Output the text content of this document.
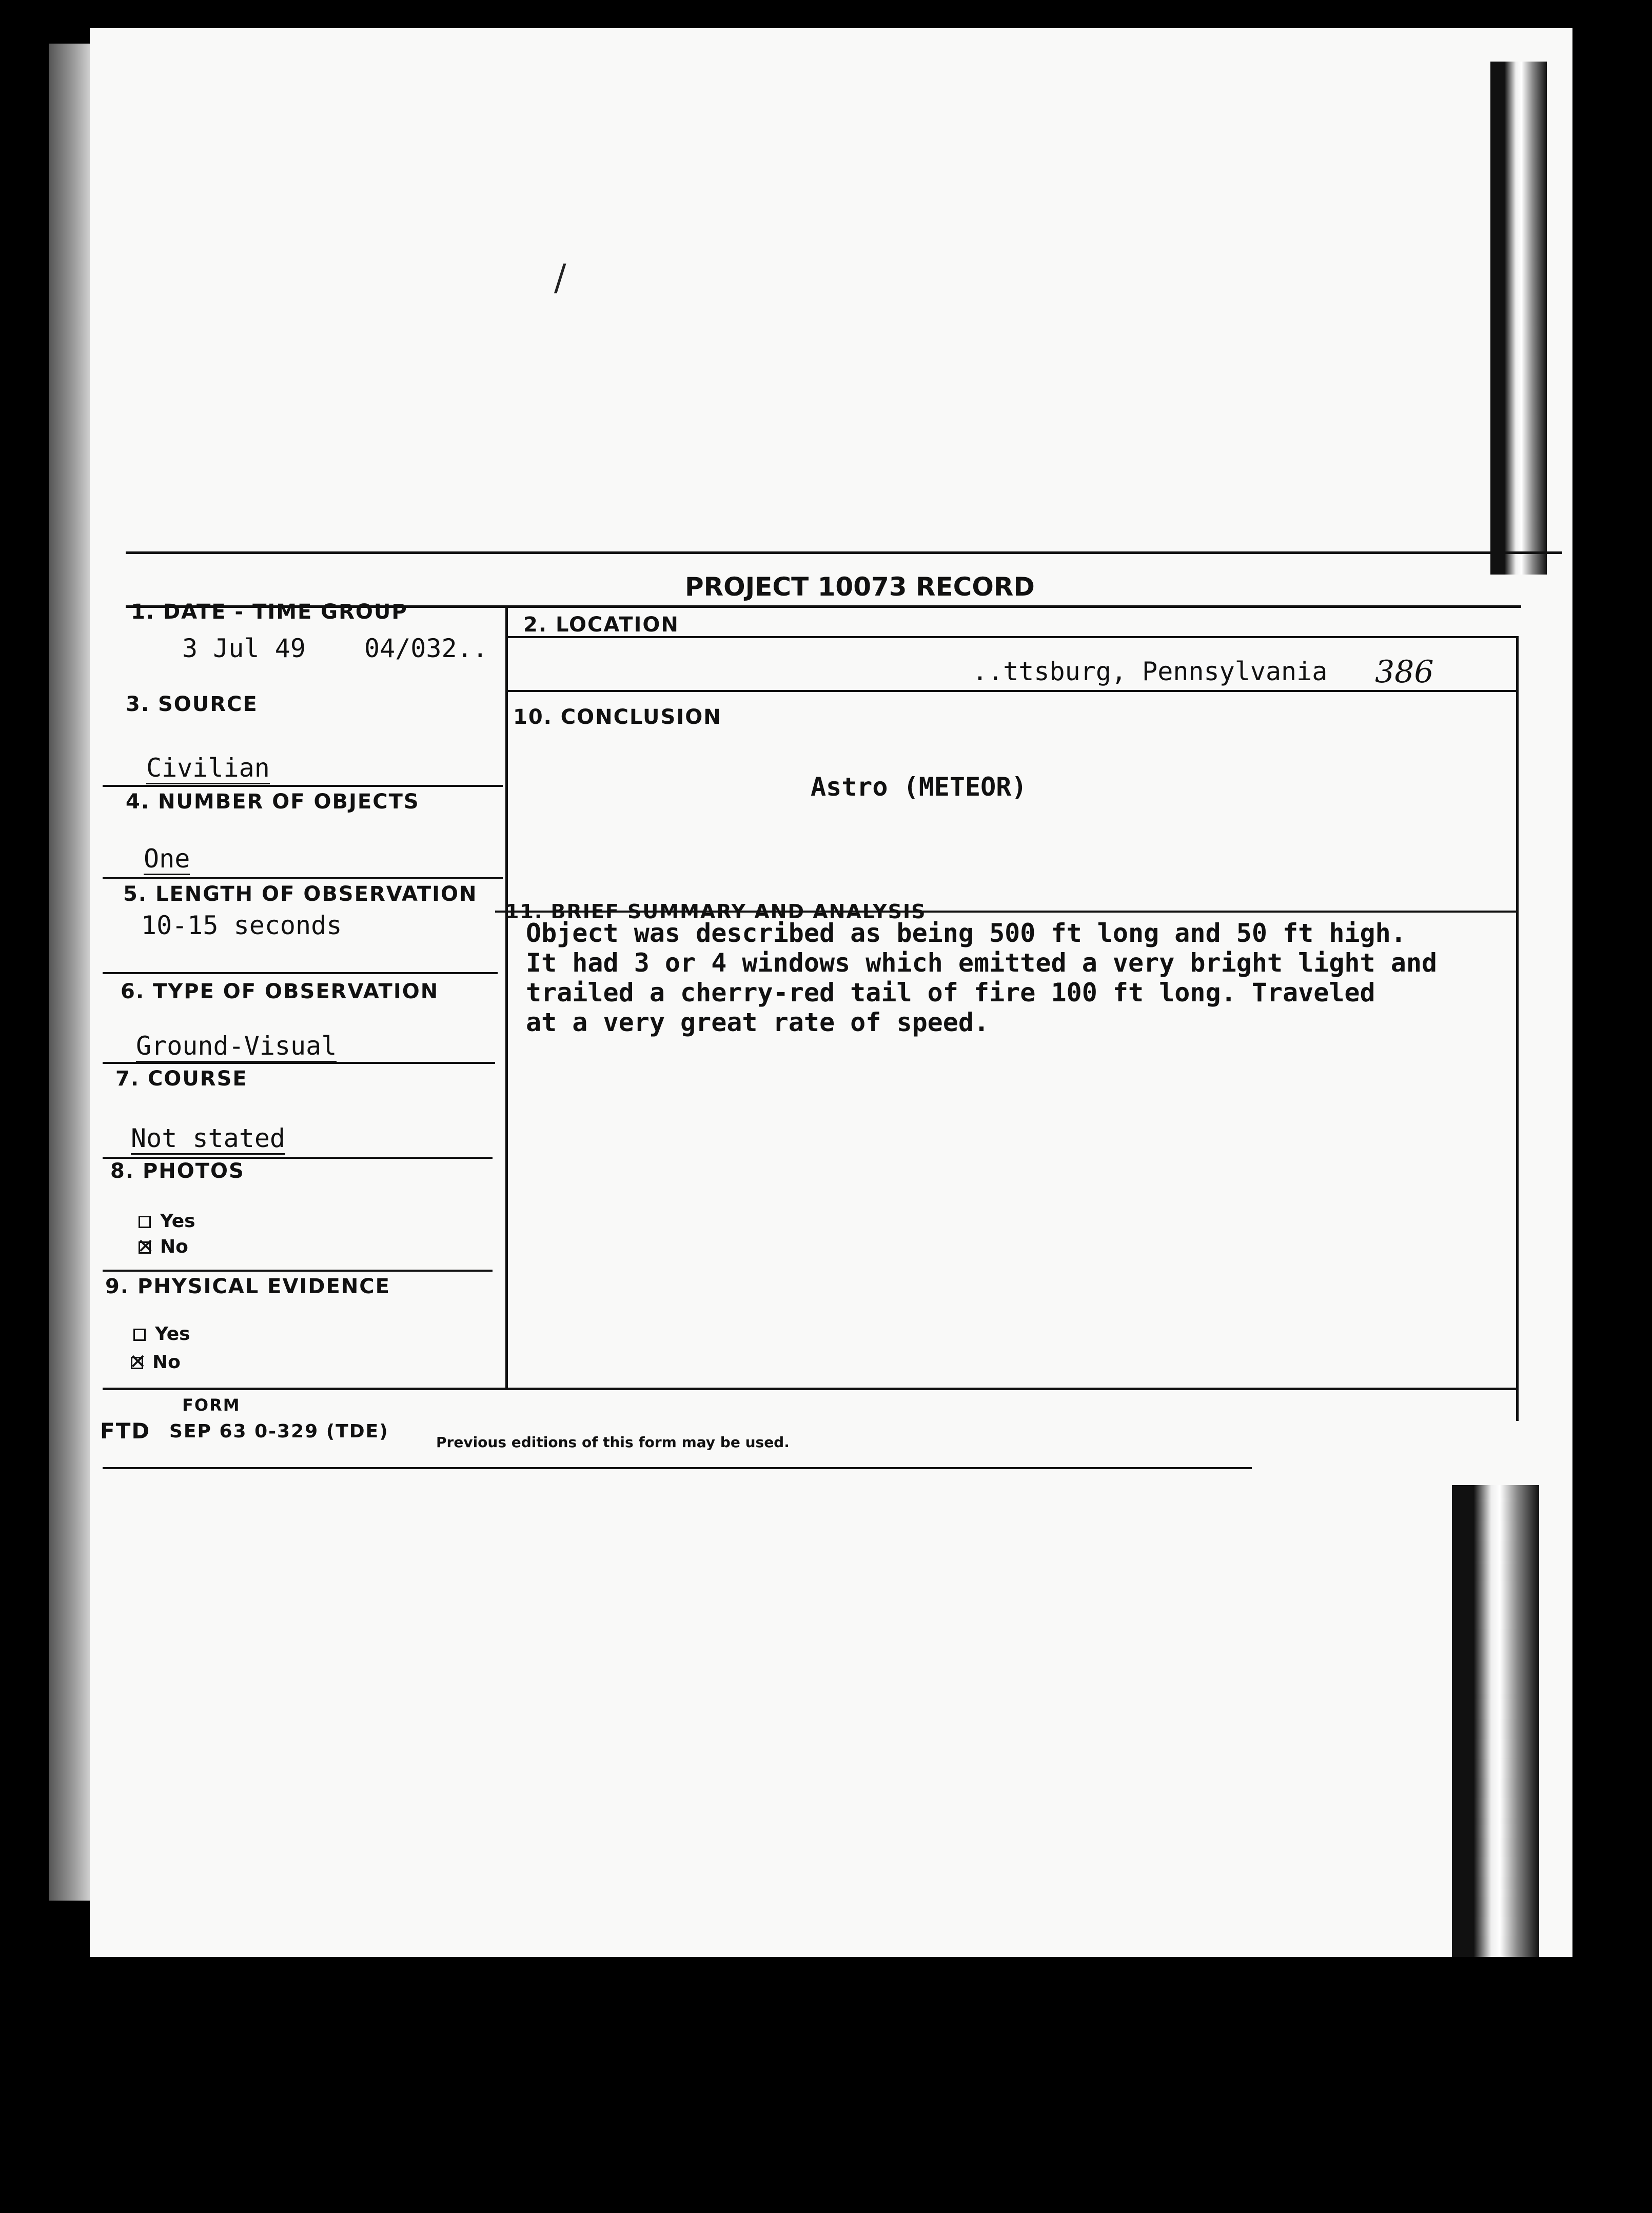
/
PROJECT 10073 RECORD
1. DATE - TIME GROUP
3 Jul 49 04/032..
2. LOCATION
..ttsburg, Pennsylvania 386
3. SOURCE
Civilian
10. CONCLUSION
Astro (METEOR)
4. NUMBER OF OBJECTS
One
5. LENGTH OF OBSERVATION
10-15 seconds	11. BRIEF SUMMARY AND ANALYSIS
Object was described as being 500 ft long and 50 ft high.
It had 3 or 4 windows which emitted a very bright light and
trailed a cherry-red tail of fire 100 ft long. Traveled
at a very great rate of speed.
6. TYPE OF OBSERVATION
Ground-Visual
7. COURSE
Not stated
8. PHOTOS
Yes
✕No
9. PHYSICAL EVIDENCE
Yes
✕No
FORM
FTD SEP 63 0-329 (TDE)
Previous editions of this form may be used.
